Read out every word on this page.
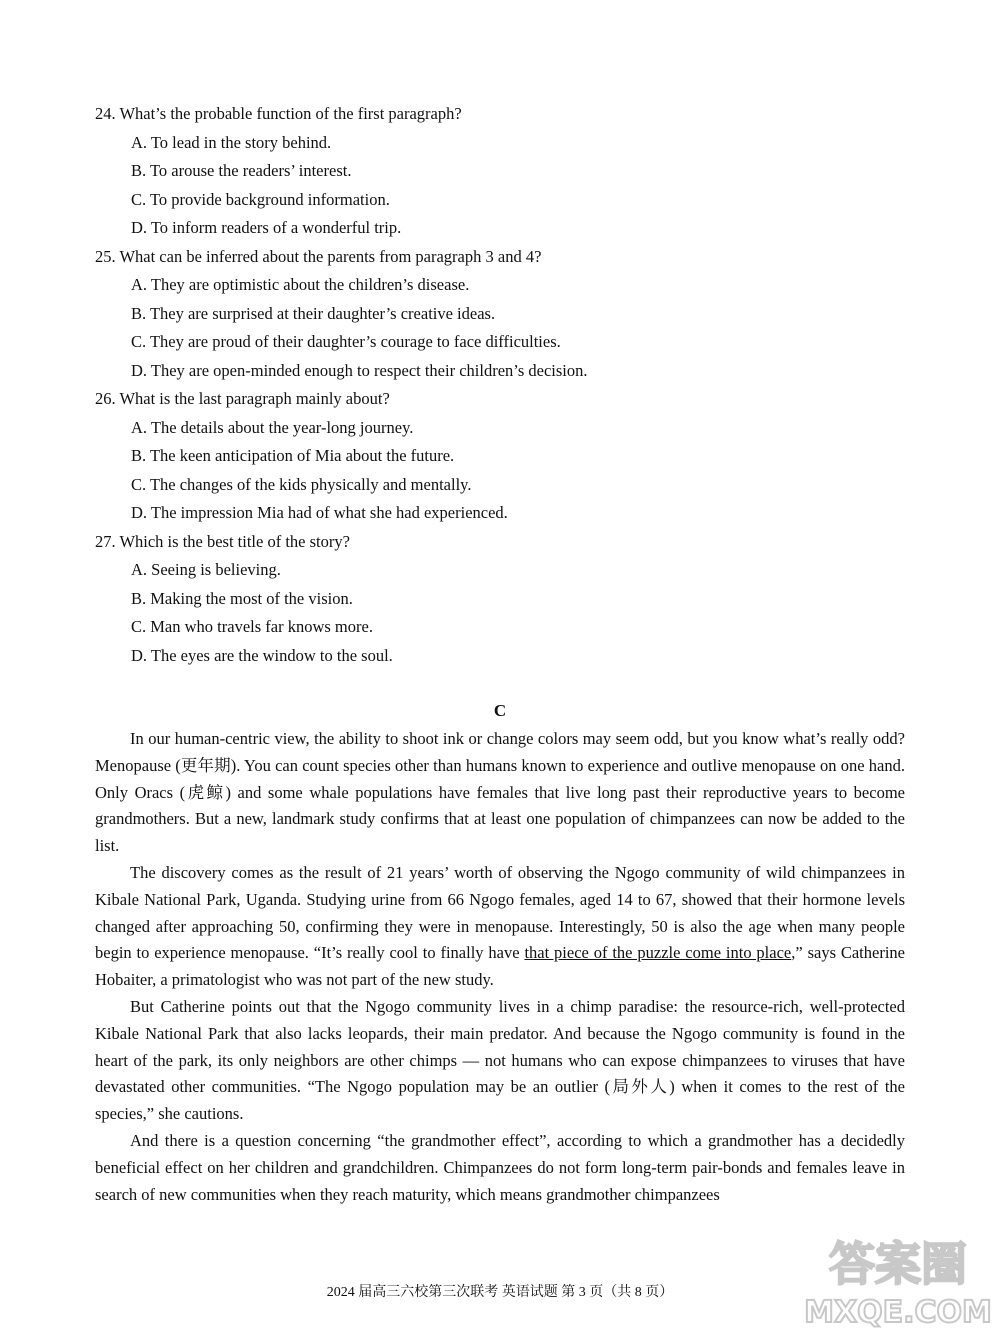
24. What’s the probable function of the first paragraph?
A. To lead in the story behind.
B. To arouse the readers’ interest.
C. To provide background information.
D. To inform readers of a wonderful trip.
25. What can be inferred about the parents from paragraph 3 and 4?
A. They are optimistic about the children’s disease.
B. They are surprised at their daughter’s creative ideas.
C. They are proud of their daughter’s courage to face difficulties.
D. They are open-minded enough to respect their children’s decision.
26. What is the last paragraph mainly about?
A. The details about the year-long journey.
B. The keen anticipation of Mia about the future.
C. The changes of the kids physically and mentally.
D. The impression Mia had of what she had experienced.
27. Which is the best title of the story?
A. Seeing is believing.
B. Making the most of the vision.
C. Man who travels far knows more.
D. The eyes are the window to the soul.
C

In our human-centric view, the ability to shoot ink or change colors may seem odd, but you know what’s really odd? Menopause (更年期). You can count species other than humans known to experience and outlive menopause on one hand. Only Oracs (虎鲸) and some whale populations have females that live long past their reproductive years to become grandmothers. But a new, landmark study confirms that at least one population of chimpanzees can now be added to the list.

The discovery comes as the result of 21 years’ worth of observing the Ngogo community of wild chimpanzees in Kibale National Park, Uganda. Studying urine from 66 Ngogo females, aged 14 to 67, showed that their hormone levels changed after approaching 50, confirming they were in menopause. Interestingly, 50 is also the age when many people begin to experience menopause. “It’s really cool to finally have that piece of the puzzle come into place,” says Catherine Hobaiter, a primatologist who was not part of the new study.

But Catherine points out that the Ngogo community lives in a chimp paradise: the resource-rich, well-protected Kibale National Park that also lacks leopards, their main predator. And because the Ngogo community is found in the heart of the park, its only neighbors are other chimps — not humans who can expose chimpanzees to viruses that have devastated other communities. “The Ngogo population may be an outlier (局外人) when it comes to the rest of the species,” she cautions.

And there is a question concerning “the grandmother effect”, according to which a grandmother has a decidedly beneficial effect on her children and grandchildren. Chimpanzees do not form long-term pair-bonds and females leave in search of new communities when they reach maturity, which means grandmother chimpanzees

2024 届高三六校第三次联考 英语试题 第 3 页（共 8 页）
答案圈
MXQE.COM
